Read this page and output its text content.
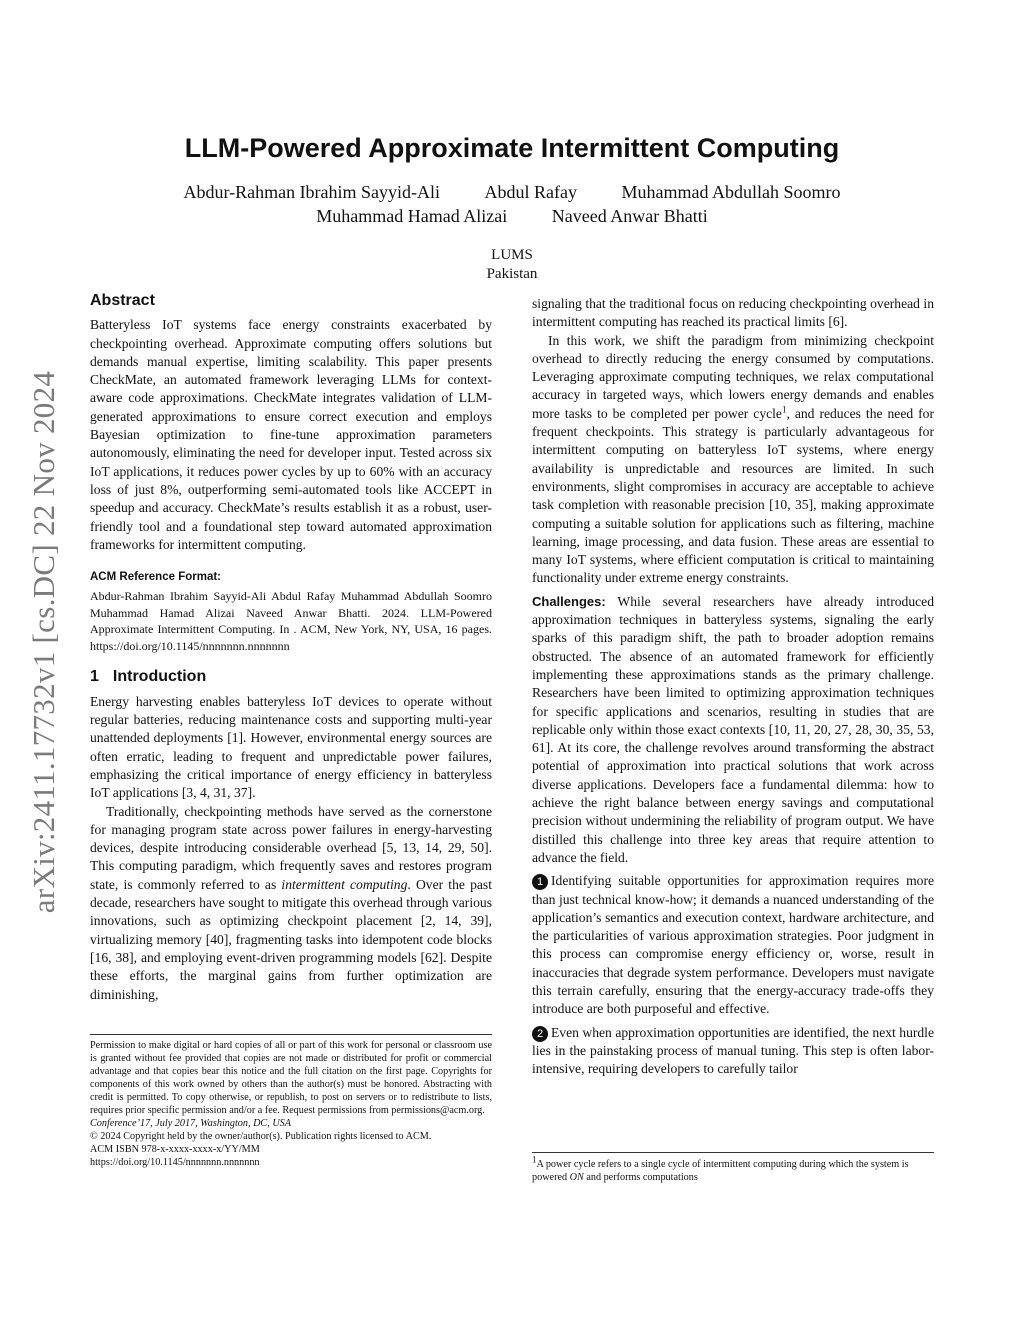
arXiv:2411.17732v1 [cs.DC] 22 Nov 2024
LLM-Powered Approximate Intermittent Computing
Abdur-Rahman Ibrahim Sayyid-Ali Abdul Rafay Muhammad Abdullah Soomro
Muhammad Hamad Alizai Naveed Anwar Bhatti
LUMS
Pakistan
Abstract

Batteryless IoT systems face energy constraints exacerbated by checkpointing overhead. Approximate computing offers solutions but demands manual expertise, limiting scalability. This paper presents CheckMate, an automated framework leveraging LLMs for context-aware code approximations. CheckMate integrates validation of LLM-generated approximations to ensure correct execution and employs Bayesian optimization to fine-tune approximation parameters autonomously, eliminating the need for developer input. Tested across six IoT applications, it reduces power cycles by up to 60% with an accuracy loss of just 8%, outperforming semi-automated tools like ACCEPT in speedup and accuracy. CheckMate’s results establish it as a robust, user-friendly tool and a foundational step toward automated approximation frameworks for intermittent computing.

ACM Reference Format:

Abdur-Rahman Ibrahim Sayyid-Ali Abdul Rafay Muhammad Abdullah Soomro Muhammad Hamad Alizai Naveed Anwar Bhatti. 2024. LLM-Powered Approximate Intermittent Computing. In . ACM, New York, NY, USA, 16 pages. https://doi.org/10.1145/nnnnnnn.nnnnnnn

1 Introduction

Energy harvesting enables batteryless IoT devices to operate without regular batteries, reducing maintenance costs and supporting multi-year unattended deployments [1]. However, environmental energy sources are often erratic, leading to frequent and unpredictable power failures, emphasizing the critical importance of energy efficiency in batteryless IoT applications [3, 4, 31, 37].

Traditionally, checkpointing methods have served as the cornerstone for managing program state across power failures in energy-harvesting devices, despite introducing considerable overhead [5, 13, 14, 29, 50]. This computing paradigm, which frequently saves and restores program state, is commonly referred to as intermittent computing. Over the past decade, researchers have sought to mitigate this overhead through various innovations, such as optimizing checkpoint placement [2, 14, 39], virtualizing memory [40], fragmenting tasks into idempotent code blocks [16, 38], and employing event-driven programming models [62]. Despite these efforts, the marginal gains from further optimization are diminishing,

Permission to make digital or hard copies of all or part of this work for personal or classroom use is granted without fee provided that copies are not made or distributed for profit or commercial advantage and that copies bear this notice and the full citation on the first page. Copyrights for components of this work owned by others than the author(s) must be honored. Abstracting with credit is permitted. To copy otherwise, or republish, to post on servers or to redistribute to lists, requires prior specific permission and/or a fee. Request permissions from permissions@acm.org.

Conference’17, July 2017, Washington, DC, USA

© 2024 Copyright held by the owner/author(s). Publication rights licensed to ACM.

ACM ISBN 978-x-xxxx-xxxx-x/YY/MM

https://doi.org/10.1145/nnnnnnn.nnnnnnn

signaling that the traditional focus on reducing checkpointing overhead in intermittent computing has reached its practical limits [6].

In this work, we shift the paradigm from minimizing checkpoint overhead to directly reducing the energy consumed by computations. Leveraging approximate computing techniques, we relax computational accuracy in targeted ways, which lowers energy demands and enables more tasks to be completed per power cycle$^1$, and reduces the need for frequent checkpoints. This strategy is particularly advantageous for intermittent computing on batteryless IoT systems, where energy availability is unpredictable and resources are limited. In such environments, slight compromises in accuracy are acceptable to achieve task completion with reasonable precision [10, 35], making approximate computing a suitable solution for applications such as filtering, machine learning, image processing, and data fusion. These areas are essential to many IoT systems, where efficient computation is critical to maintaining functionality under extreme energy constraints.

Challenges: While several researchers have already introduced approximation techniques in batteryless systems, signaling the early sparks of this paradigm shift, the path to broader adoption remains obstructed. The absence of an automated framework for efficiently implementing these approximations stands as the primary challenge. Researchers have been limited to optimizing approximation techniques for specific applications and scenarios, resulting in studies that are replicable only within those exact contexts [10, 11, 20, 27, 28, 30, 35, 53, 61]. At its core, the challenge revolves around transforming the abstract potential of approximation into practical solutions that work across diverse applications. Developers face a fundamental dilemma: how to achieve the right balance between energy savings and computational precision without undermining the reliability of program output. We have distilled this challenge into three key areas that require attention to advance the field.

1 Identifying suitable opportunities for approximation requires more than just technical know-how; it demands a nuanced understanding of the application’s semantics and execution context, hardware architecture, and the particularities of various approximation strategies. Poor judgment in this process can compromise energy efficiency or, worse, result in inaccuracies that degrade system performance. Developers must navigate this terrain carefully, ensuring that the energy-accuracy trade-offs they introduce are both purposeful and effective.

2 Even when approximation opportunities are identified, the next hurdle lies in the painstaking process of manual tuning. This step is often labor-intensive, requiring developers to carefully tailor

$^1$A power cycle refers to a single cycle of intermittent computing during which the system is powered ON and performs computations
